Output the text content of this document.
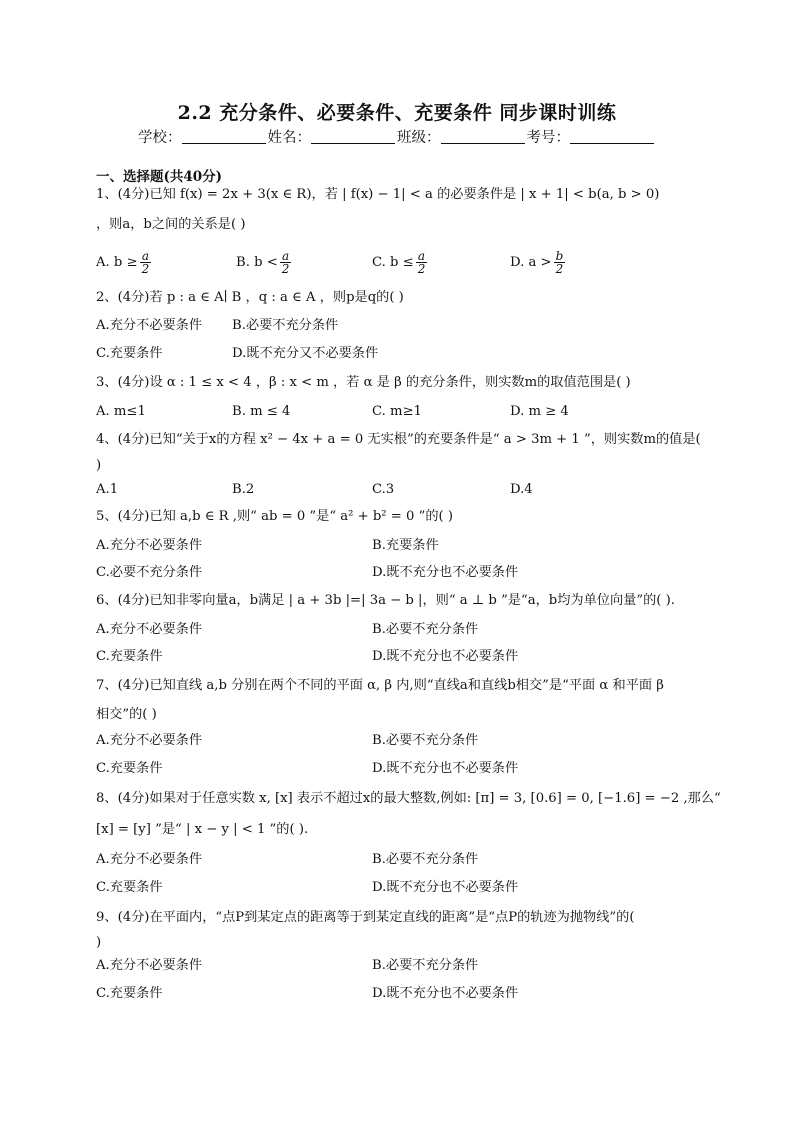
2.2 充分条件、必要条件、充要条件 同步课时训练
学校：	姓名：	班级：	考号：
一、选择题(共40分)
1、(4分)已知 f(x) = 2x + 3(x ∈ R)，若 | f(x) − 1| < a 的必要条件是 | x + 1| < b(a, b > 0)
，则a，b之间的关系是( )
A. $b \ge \frac{a}{2}$	B. $b < \frac{a}{2}$	C. $b \le \frac{a}{2}$	D. $a > \frac{b}{2}$
2、(4分)若 p : a ∈ A∣ B ，q : a ∈ A ，则p是q的( )
A.充分不必要条件 B.必要不充分条件
C.充要条件	D.既不充分又不必要条件
3、(4分)设 α : 1 ≤ x < 4 ，β : x < m ，若 α 是 β 的充分条件，则实数m的取值范围是( )
A. m≤1	B. m ≤ 4	C. m≥1	D. m ≥ 4
4、(4分)已知“关于x的方程 x² − 4x + a = 0 无实根”的充要条件是“ a > 3m + 1 ”，则实数m的值是(
)
A.1	B.2	C.3	D.4
5、(4分)已知 a,b ∈ R ,则“ ab = 0 ”是“ a² + b² = 0 ”的( )
A.充分不必要条件	B.充要条件
C.必要不充分条件	D.既不充分也不必要条件
6、(4分)已知非零向量a，b满足 | a + 3b |=| 3a − b |，则“ a ⊥ b ”是“a，b均为单位向量”的( ).
A.充分不必要条件	B.必要不充分条件
C.充要条件	D.既不充分也不必要条件
7、(4分)已知直线 a,b 分别在两个不同的平面 α, β 内,则“直线a和直线b相交”是“平面 α 和平面 β
相交”的( )
A.充分不必要条件	B.必要不充分条件
C.充要条件	D.既不充分也不必要条件
8、(4分)如果对于任意实数 x, [x] 表示不超过x的最大整数,例如: [π] = 3, [0.6] = 0, [−1.6] = −2 ,那么“
[x] = [y] ”是“ | x − y | < 1 ”的( ).
A.充分不必要条件	B.必要不充分条件
C.充要条件	D.既不充分也不必要条件
9、(4分)在平面内，“点P到某定点的距离等于到某定直线的距离”是“点P的轨迹为抛物线”的(
)
A.充分不必要条件	B.必要不充分条件
C.充要条件	D.既不充分也不必要条件
